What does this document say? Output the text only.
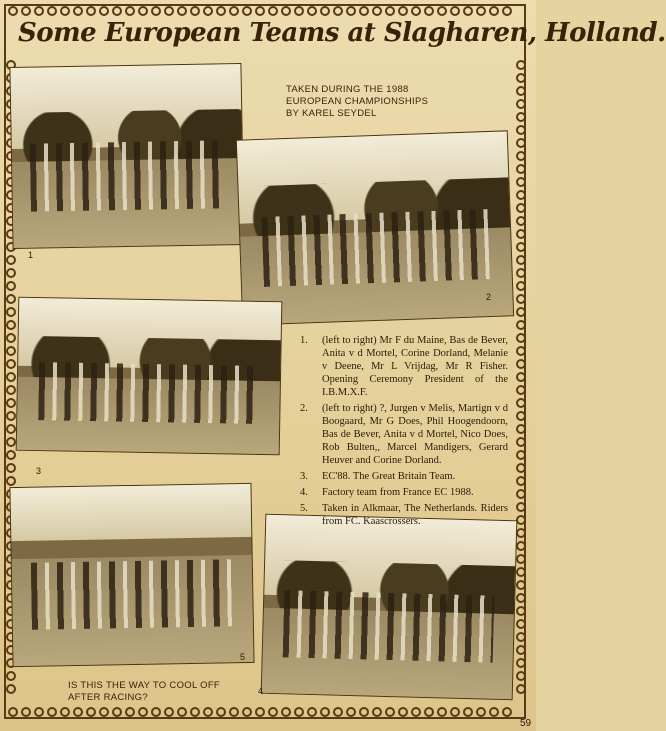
Some European Teams at Slagharen, Holland.
TAKEN DURING THE 1988
EUROPEAN CHAMPIONSHIPS
BY KAREL SEYDEL
1
2
3
5
4
1.	(left to right) Mr F du Maine, Bas de Bever, Anita v d Mortel, Corine Dorland, Melanie v Deene, Mr L Vrijdag, Mr R Fisher. Opening Ceremony President of the I.B.M.X.F.
2.	(left to right) ?, Jurgen v Melis, Martign v d Boogaard, Mr G Does, Phil Hoogendoorn, Bas de Bever, Anita v d Mortel, Nico Does, Rob Bulten,, Marcel Mandigers, Gerard Heuver and Corine Dorland.
3.	EC'88. The Great Britain Team.
4.	Factory team from France EC 1988.
5.	Taken in Alkmaar, The Netherlands. Riders from FC. Kaascrossers.
IS THIS THE WAY TO COOL OFF
AFTER RACING?
59
